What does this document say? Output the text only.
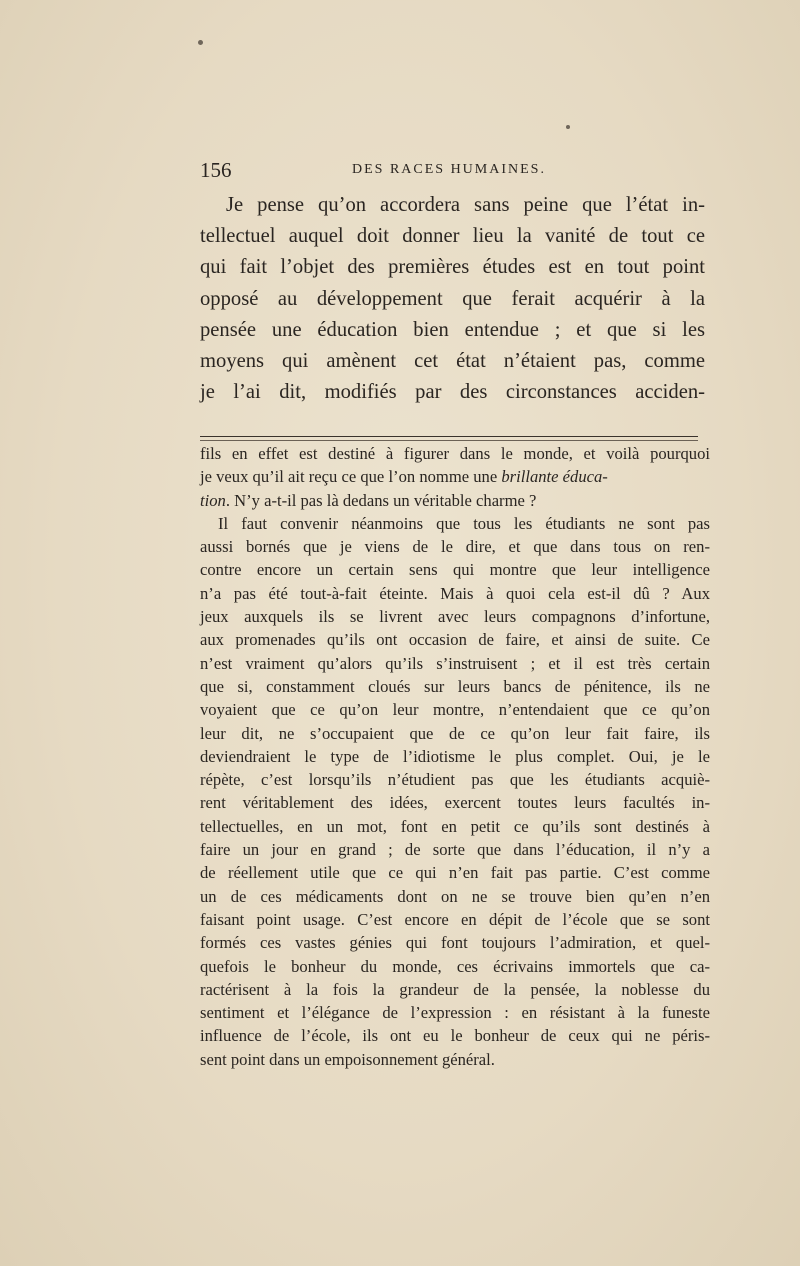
156	DES RACES HUMAINES.
Je pense qu’on accordera sans peine que l’état in-
tellectuel auquel doit donner lieu la vanité de tout ce
qui fait l’objet des premières études est en tout point
opposé au développement que ferait acquérir à la
pensée une éducation bien entendue ; et que si les
moyens qui amènent cet état n’étaient pas, comme
je l’ai dit, modifiés par des circonstances acciden-
fils en effet est destiné à figurer dans le monde, et voilà pourquoi
je veux qu’il ait reçu ce que l’on nomme une brillante éduca-
tion. N’y a-t-il pas là dedans un véritable charme ?
Il faut convenir néanmoins que tous les étudiants ne sont pas
aussi bornés que je viens de le dire, et que dans tous on ren-
contre encore un certain sens qui montre que leur intelligence
n’a pas été tout-à-fait éteinte. Mais à quoi cela est-il dû ? Aux
jeux auxquels ils se livrent avec leurs compagnons d’infortune,
aux promenades qu’ils ont occasion de faire, et ainsi de suite. Ce
n’est vraiment qu’alors qu’ils s’instruisent ; et il est très certain
que si, constamment cloués sur leurs bancs de pénitence, ils ne
voyaient que ce qu’on leur montre, n’entendaient que ce qu’on
leur dit, ne s’occupaient que de ce qu’on leur fait faire, ils
deviendraient le type de l’idiotisme le plus complet. Oui, je le
répète, c’est lorsqu’ils n’étudient pas que les étudiants acquiè-
rent véritablement des idées, exercent toutes leurs facultés in-
tellectuelles, en un mot, font en petit ce qu’ils sont destinés à
faire un jour en grand ; de sorte que dans l’éducation, il n’y a
de réellement utile que ce qui n’en fait pas partie. C’est comme
un de ces médicaments dont on ne se trouve bien qu’en n’en
faisant point usage. C’est encore en dépit de l’école que se sont
formés ces vastes génies qui font toujours l’admiration, et quel-
quefois le bonheur du monde, ces écrivains immortels que ca-
ractérisent à la fois la grandeur de la pensée, la noblesse du
sentiment et l’élégance de l’expression : en résistant à la funeste
influence de l’école, ils ont eu le bonheur de ceux qui ne péris-
sent point dans un empoisonnement général.
